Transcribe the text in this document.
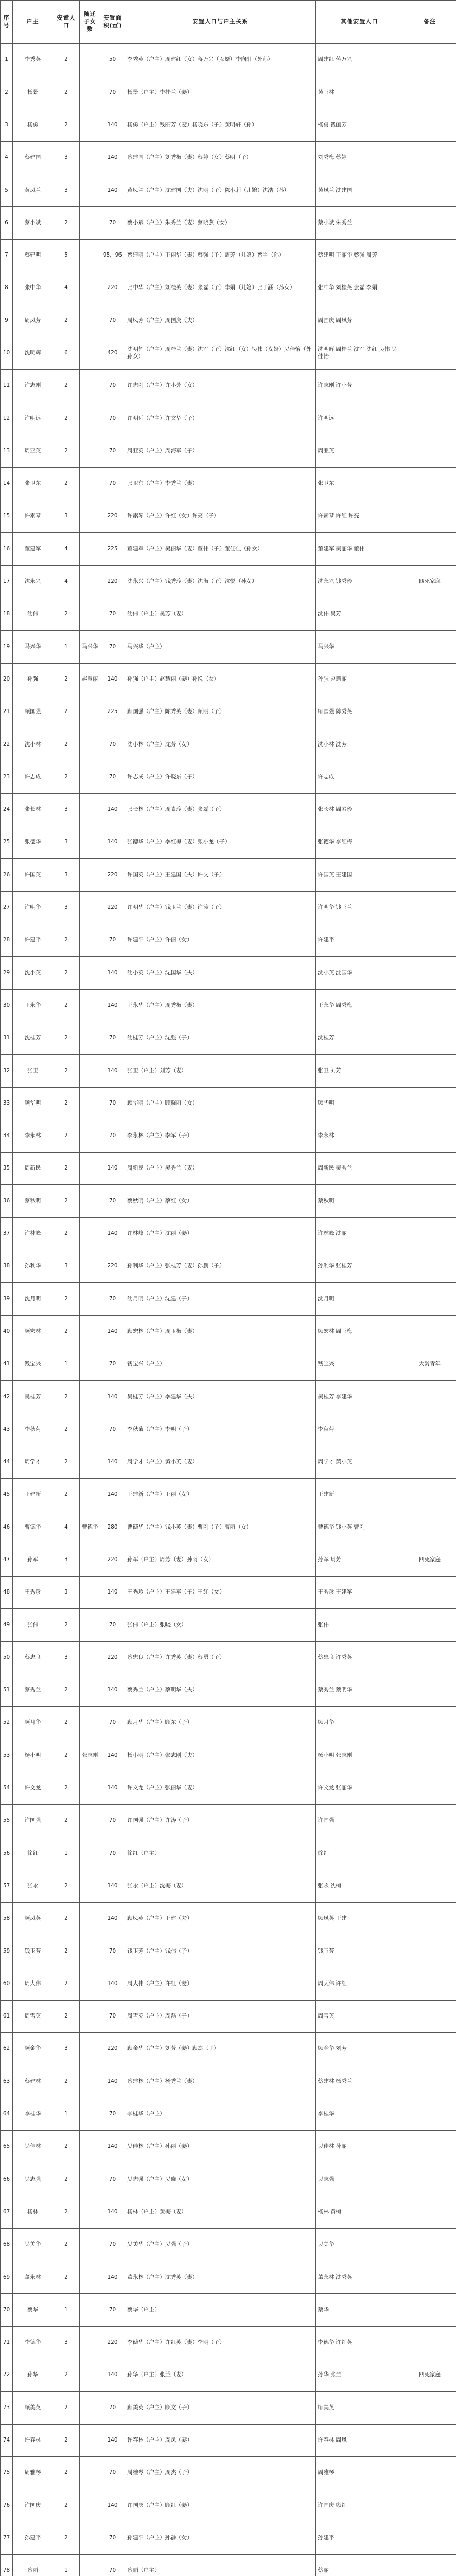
序号	户主	安置人口	随迁子女数	安置面积(㎡)	安置人口与户主关系	其他安置人口	备注
1	李秀英	2		50	李秀英（户主）周建红（女）蒋万兴（女婿）李向阳（外孙）	周建红 蒋万兴	
2	杨景	2		70	杨景（户主）李桂兰（妻）	黄玉林	
3	杨勇	2		140	杨勇（户主）钱丽芳（妻）杨晓东（子）黄明轩（孙）	杨勇 钱丽芳	
4	蔡建国	3		140	蔡建国（户主）刘秀梅（妻）蔡婷（女）蔡明（子）	刘秀梅 蔡婷	
5	黄凤兰	3		140	黄凤兰（户主）沈建国（夫）沈明（子）陈小莉（儿媳）沈浩（孙）	黄凤兰 沈建国	
6	蔡小斌	2		70	蔡小斌（户主）朱秀兰（妻）蔡晓燕（女）	蔡小斌 朱秀兰	
7	蔡建明	5		95，95	蔡建明（户主）王丽华（妻）蔡强（子）周芳（儿媳）蔡宇（孙）	蔡建明 王丽华 蔡强 周芳	
8	张中华	4		220	张中华（户主）刘桂英（妻）张磊（子）李娟（儿媳）张子涵（孙女）	张中华 刘桂英 张磊 李娟	
9	周凤芳	2		70	周凤芳（户主）周国庆（夫）	周国庆 周凤芳	
10	沈明辉	6		420	沈明辉（户主）周桂兰（妻）沈军（子）沈红（女）吴伟（女婿）吴佳怡（外孙女）	沈明辉 周桂兰 沈军 沈红 吴伟 吴佳怡	
11	许志刚	2		70	许志刚（户主）许小芳（女）	许志刚 许小芳	
12	许明远	2		70	许明远（户主）许文华（子）	许明远	
13	周亚英	2		70	周亚英（户主）周海军（子）	周亚英	
14	张卫东	2		70	张卫东（户主）李秀兰（妻）	张卫东	
15	许素琴	3		220	许素琴（户主）许红（女）许亮（子）	许素琴 许红 许亮	
16	董建军	4		225	董建军（户主）吴丽华（妻）董伟（子）董佳佳（孙女）	董建军 吴丽华 董伟	
17	沈永兴	4		220	沈永兴（户主）钱秀珍（妻）沈海（子）沈悦（孙女）	沈永兴 钱秀珍	四死家庭
18	沈伟	2		70	沈伟（户主）吴芳（妻）	沈伟 吴芳	
19	马兴华	1	马兴华	70	马兴华（户主）	马兴华	
20	孙强	2	赵慧丽	140	孙强（户主）赵慧丽（妻）孙悦（女）	孙强 赵慧丽	
21	顾国强	2		225	顾国强（户主）陈秀英（妻）顾明（子）	顾国强 陈秀英	
22	沈小林	2		70	沈小林（户主）沈芳（女）	沈小林 沈芳	
23	许志成	2		70	许志成（户主）许晓东（子）	许志成	
24	张长林	3		140	张长林（户主）周素珍（妻）张磊（子）	张长林 周素珍	
25	张德华	3		140	张德华（户主）李红梅（妻）张小龙（子）	张德华 李红梅	
26	许国英	3		220	许国英（户主）王建国（夫）许文（子）	许国英 王建国	
27	许明华	3		220	许明华（户主）钱玉兰（妻）许涛（子）	许明华 钱玉兰	
28	许建平	2		70	许建平（户主）许丽（女）	许建平	
29	沈小英	2		140	沈小英（户主）沈国华（夫）	沈小英 沈国华	
30	王永华	2		140	王永华（户主）周秀梅（妻）	王永华 周秀梅	
31	沈桂芳	2		70	沈桂芳（户主）沈强（子）	沈桂芳	
32	张卫	2		140	张卫（户主）刘芳（妻）	张卫 刘芳	
33	顾华明	2		70	顾华明（户主）顾晓丽（女）	顾华明	
34	李永林	2		70	李永林（户主）李军（子）	李永林	
35	周新民	2		140	周新民（户主）吴秀兰（妻）	周新民 吴秀兰	
36	蔡秋明	2		70	蔡秋明（户主）蔡红（女）	蔡秋明	
37	许林峰	2		140	许林峰（户主）沈丽（妻）	许林峰 沈丽	
38	孙利华	3		220	孙利华（户主）张桂芳（妻）孙鹏（子）	孙利华 张桂芳	
39	沈月明	2		70	沈月明（户主）沈建（子）	沈月明	
40	顾宏林	2		140	顾宏林（户主）周玉梅（妻）	顾宏林 周玉梅	
41	钱宝兴	1		70	钱宝兴（户主）	钱宝兴	大龄青年
42	吴桂芳	2		140	吴桂芳（户主）李建华（夫）	吴桂芳 李建华	
43	李秋菊	2		70	李秋菊（户主）李明（子）	李秋菊	
44	周学才	2		140	周学才（户主）黄小英（妻）	周学才 黄小英	
45	王建新	2		140	王建新（户主）王丽（女）	王建新	
46	曹德华	4	曹德华	280	曹德华（户主）钱小英（妻）曹刚（子）曹丽（女）	曹德华 钱小英 曹刚	
47	孙军	3		220	孙军（户主）周芳（妻）孙雨（女）	孙军 周芳	四死家庭
48	王秀珍	3		140	王秀珍（户主）王建军（子）王红（女）	王秀珍 王建军	
49	张伟	2		70	张伟（户主）张晓（女）	张伟	
50	蔡忠良	3		220	蔡忠良（户主）许秀英（妻）蔡勇（子）	蔡忠良 许秀英	
51	蔡秀兰	2		140	蔡秀兰（户主）蔡明华（夫）	蔡秀兰 蔡明华	
52	顾月华	2		70	顾月华（户主）顾东（子）	顾月华	
53	杨小明	2	张志刚	140	杨小明（户主）张志刚（夫）	杨小明 张志刚	
54	许文龙	2		140	许文龙（户主）张丽华（妻）	许文龙 张丽华	
55	许国强	2		70	许国强（户主）许涛（子）	许国强	
56	徐红	1		70	徐红（户主）	徐红	
57	张永	2		140	张永（户主）沈梅（妻）	张永 沈梅	
58	顾凤英	2		140	顾凤英（户主）王建（夫）	顾凤英 王建	
59	钱玉芳	2		70	钱玉芳（户主）钱伟（子）	钱玉芳	
60	周大伟	2		140	周大伟（户主）许红（妻）	周大伟 许红	
61	周雪英	2		70	周雪英（户主）周磊（子）	周雪英	
62	顾金华	3		220	顾金华（户主）刘芳（妻）顾杰（子）	顾金华 刘芳	
63	蔡建林	2		140	蔡建林（户主）杨秀兰（妻）	蔡建林 杨秀兰	
64	李桂华	1		70	李桂华（户主）	李桂华	
65	吴佳林	2		140	吴佳林（户主）孙丽（妻）	吴佳林 孙丽	
66	吴志强	2		70	吴志强（户主）吴晓（女）	吴志强	
67	杨林	2		140	杨林（户主）黄梅（妻）	杨林 黄梅	
68	吴美华	2		70	吴美华（户主）吴强（子）	吴美华	
69	董永林	2		140	董永林（户主）沈秀英（妻）	董永林 沈秀英	
70	蔡华	1		70	蔡华（户主）	蔡华	
71	李德华	3		220	李德华（户主）许红英（妻）李明（子）	李德华 许红英	
72	孙华	2		140	孙华（户主）张兰（妻）	孙华 张兰	四死家庭
73	顾美英	2		70	顾美英（户主）顾文（子）	顾美英	
74	许春林	2		140	许春林（户主）周凤（妻）	许春林 周凤	
75	周雅琴	2		70	周雅琴（户主）周杰（子）	周雅琴	
76	许国庆	2		140	许国庆（户主）顾红（妻）	许国庆 顾红	
77	孙建平	2		70	孙建平（户主）孙静（女）	孙建平	
78	蔡丽	1		70	蔡丽（户主）	蔡丽	
